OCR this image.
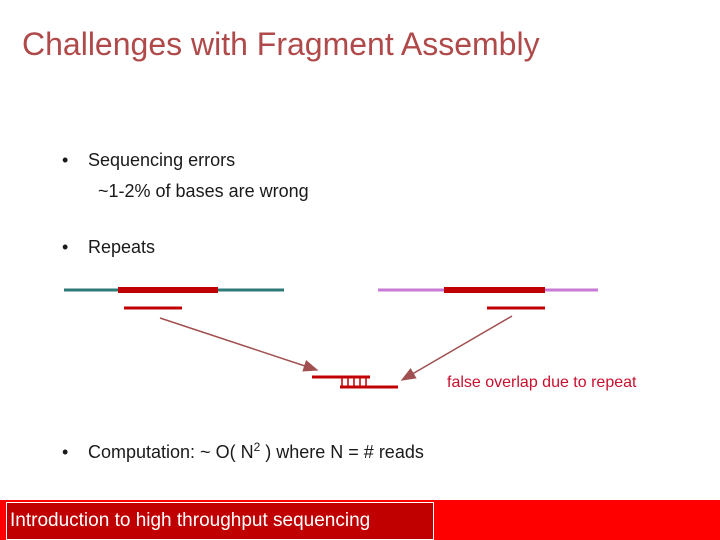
Challenges with Fragment Assembly
• Sequencing errors
~1-2% of bases are wrong
• Repeats
false overlap due to repeat
• Computation: ~ O( $N^2$ ) where N = # reads
Introduction to high throughput sequencing
